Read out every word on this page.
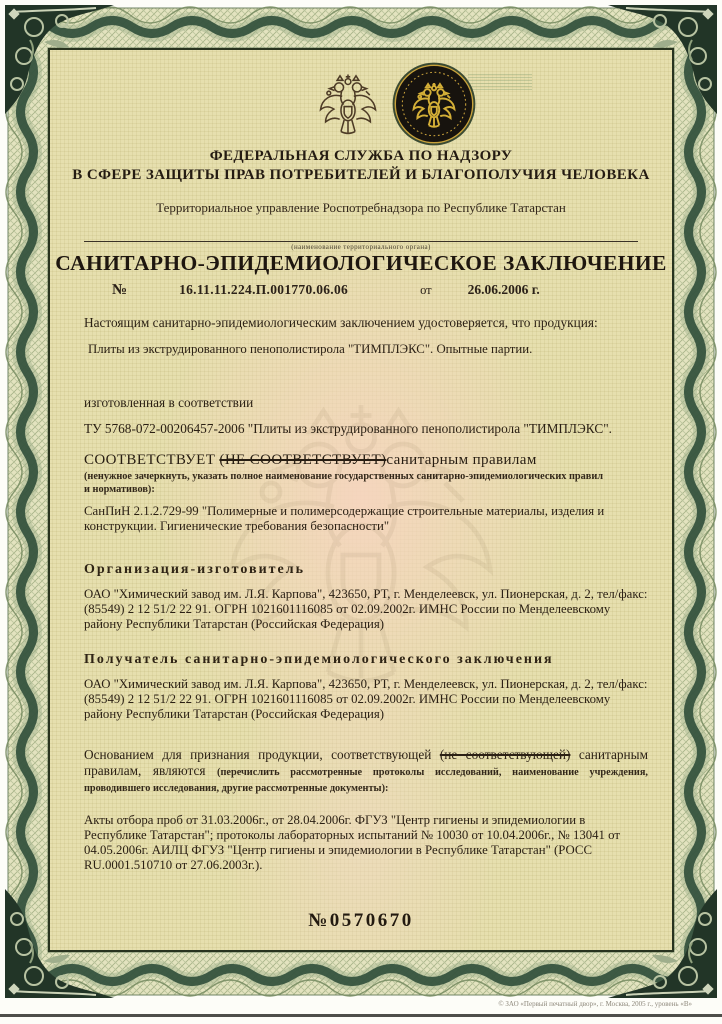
ФЕДЕРАЛЬНАЯ СЛУЖБА ПО НАДЗОРУ
В СФЕРЕ ЗАЩИТЫ ПРАВ ПОТРЕБИТЕЛЕЙ И БЛАГОПОЛУЧИЯ ЧЕЛОВЕКА
Территориальное управление Роспотребнадзора по Республике Татарстан
(наименование территориального органа)
САНИТАРНО-ЭПИДЕМИОЛОГИЧЕСКОЕ ЗАКЛЮЧЕНИЕ
№	16.11.11.224.П.001770.06.06	от	26.06.2006 г.
Настоящим санитарно-эпидемиологическим заключением удостоверяется, что продукция:
Плиты из экструдированного пенополистирола "ТИМПЛЭКС". Опытные партии.
изготовленная в соответствии
ТУ 5768-072-00206457-2006 "Плиты из экструдированного пенополистирола "ТИМПЛЭКС".
СООТВЕТСТВУЕТ (НЕ СООТВЕТСТВУЕТ)санитарным правилам
(ненужное зачеркнуть, указать полное наименование государственных санитарно-эпидемиологических правил и нормативов):
СанПиН 2.1.2.729-99 "Полимерные и полимерсодержащие строительные материалы, изделия и конструкции. Гигиенические требования безопасности"
Организация-изготовитель
ОАО "Химический завод им. Л.Я. Карпова", 423650, РТ, г. Менделеевск, ул. Пионерская, д. 2, тел/факс: (85549) 2 12 51/2 22 91. ОГРН 1021601116085 от 02.09.2002г. ИМНС России по Менделеевскому району Республики Татарстан (Российская Федерация)
Получатель санитарно-эпидемиологического заключения
ОАО "Химический завод им. Л.Я. Карпова", 423650, РТ, г. Менделеевск, ул. Пионерская, д. 2, тел/факс: (85549) 2 12 51/2 22 91. ОГРН 1021601116085 от 02.09.2002г. ИМНС России по Менделеевскому району Республики Татарстан (Российская Федерация)
Основанием для признания продукции, соответствующей (не соответствующей) санитарным правилам, являются (перечислить рассмотренные протоколы исследований, наименование учреждения, проводившего исследования, другие рассмотренные документы):
Акты отбора проб от 31.03.2006г., от 28.04.2006г. ФГУЗ "Центр гигиены и эпидемиологии в Республике Татарстан"; протоколы лабораторных испытаний № 10030 от 10.04.2006г., № 13041 от 04.05.2006г. АИЛЦ ФГУЗ "Центр гигиены и эпидемиологии в Республике Татарстан" (РОСС RU.0001.510710 от 27.06.2003г.).
№0570670
© ЗАО «Первый печатный двор», г. Москва, 2005 г., уровень «В»
